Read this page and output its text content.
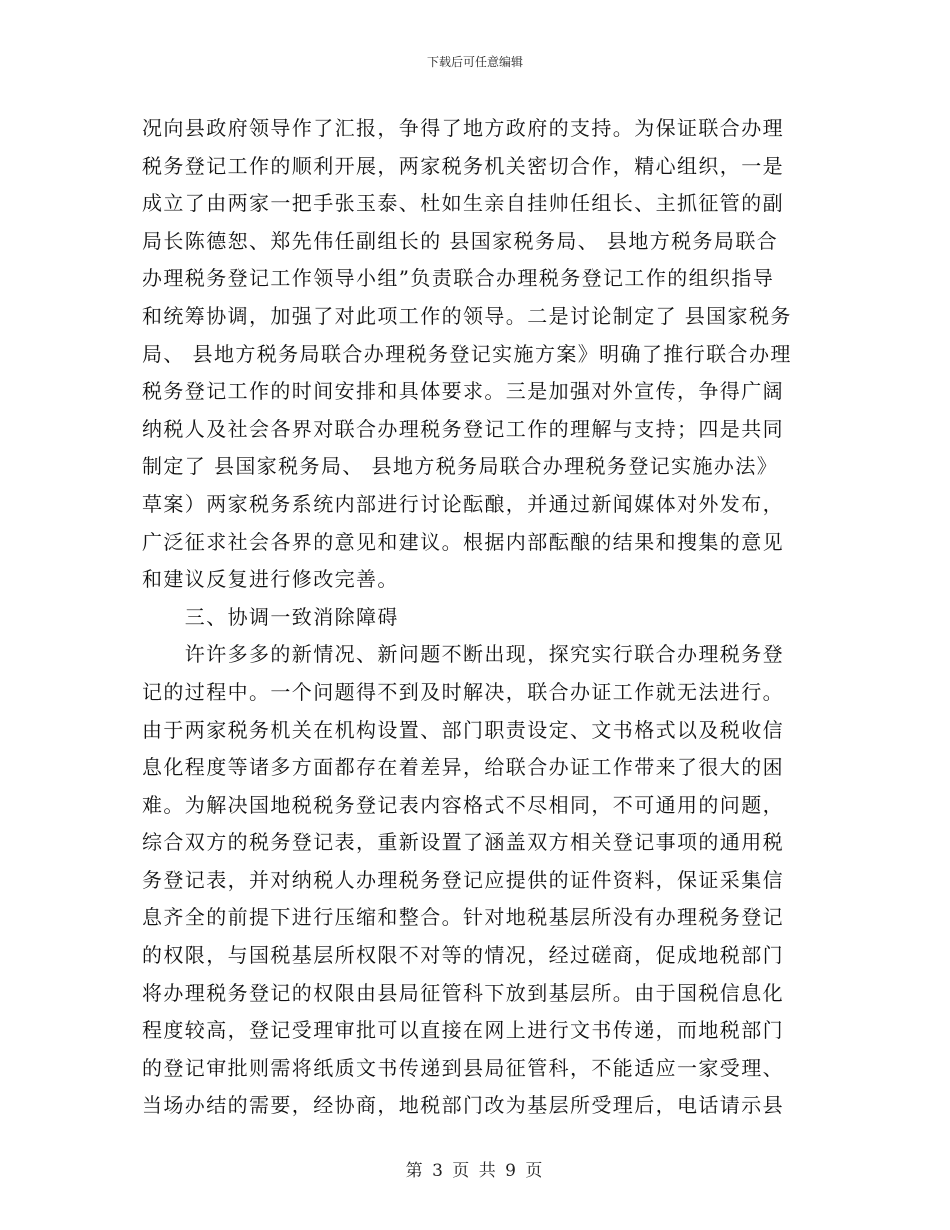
下载后可任意编辑
况向县政府领导作了汇报，争得了地方政府的支持。为保证联合办理
税务登记工作的顺利开展，两家税务机关密切合作，精心组织，一是
成立了由两家一把手张玉泰、杜如生亲自挂帅任组长、主抓征管的副
局长陈德恕、郑先伟任副组长的 县国家税务局、 县地方税务局联合
办理税务登记工作领导小组”负责联合办理税务登记工作的组织指导
和统筹协调，加强了对此项工作的领导。二是讨论制定了 县国家税务
局、 县地方税务局联合办理税务登记实施方案》明确了推行联合办理
税务登记工作的时间安排和具体要求。三是加强对外宣传，争得广阔
纳税人及社会各界对联合办理税务登记工作的理解与支持；四是共同
制定了 县国家税务局、 县地方税务局联合办理税务登记实施办法》
草案）两家税务系统内部进行讨论酝酿，并通过新闻媒体对外发布，
广泛征求社会各界的意见和建议。根据内部酝酿的结果和搜集的意见
和建议反复进行修改完善。
　　三、协调一致消除障碍
　　许许多多的新情况、新问题不断出现，探究实行联合办理税务登
记的过程中。一个问题得不到及时解决，联合办证工作就无法进行。
由于两家税务机关在机构设置、部门职责设定、文书格式以及税收信
息化程度等诸多方面都存在着差异，给联合办证工作带来了很大的困
难。为解决国地税税务登记表内容格式不尽相同，不可通用的问题，
综合双方的税务登记表，重新设置了涵盖双方相关登记事项的通用税
务登记表，并对纳税人办理税务登记应提供的证件资料，保证采集信
息齐全的前提下进行压缩和整合。针对地税基层所没有办理税务登记
的权限，与国税基层所权限不对等的情况，经过磋商，促成地税部门
将办理税务登记的权限由县局征管科下放到基层所。由于国税信息化
程度较高，登记受理审批可以直接在网上进行文书传递，而地税部门
的登记审批则需将纸质文书传递到县局征管科，不能适应一家受理、
当场办结的需要，经协商，地税部门改为基层所受理后，电话请示县
第 3 页 共 9 页
